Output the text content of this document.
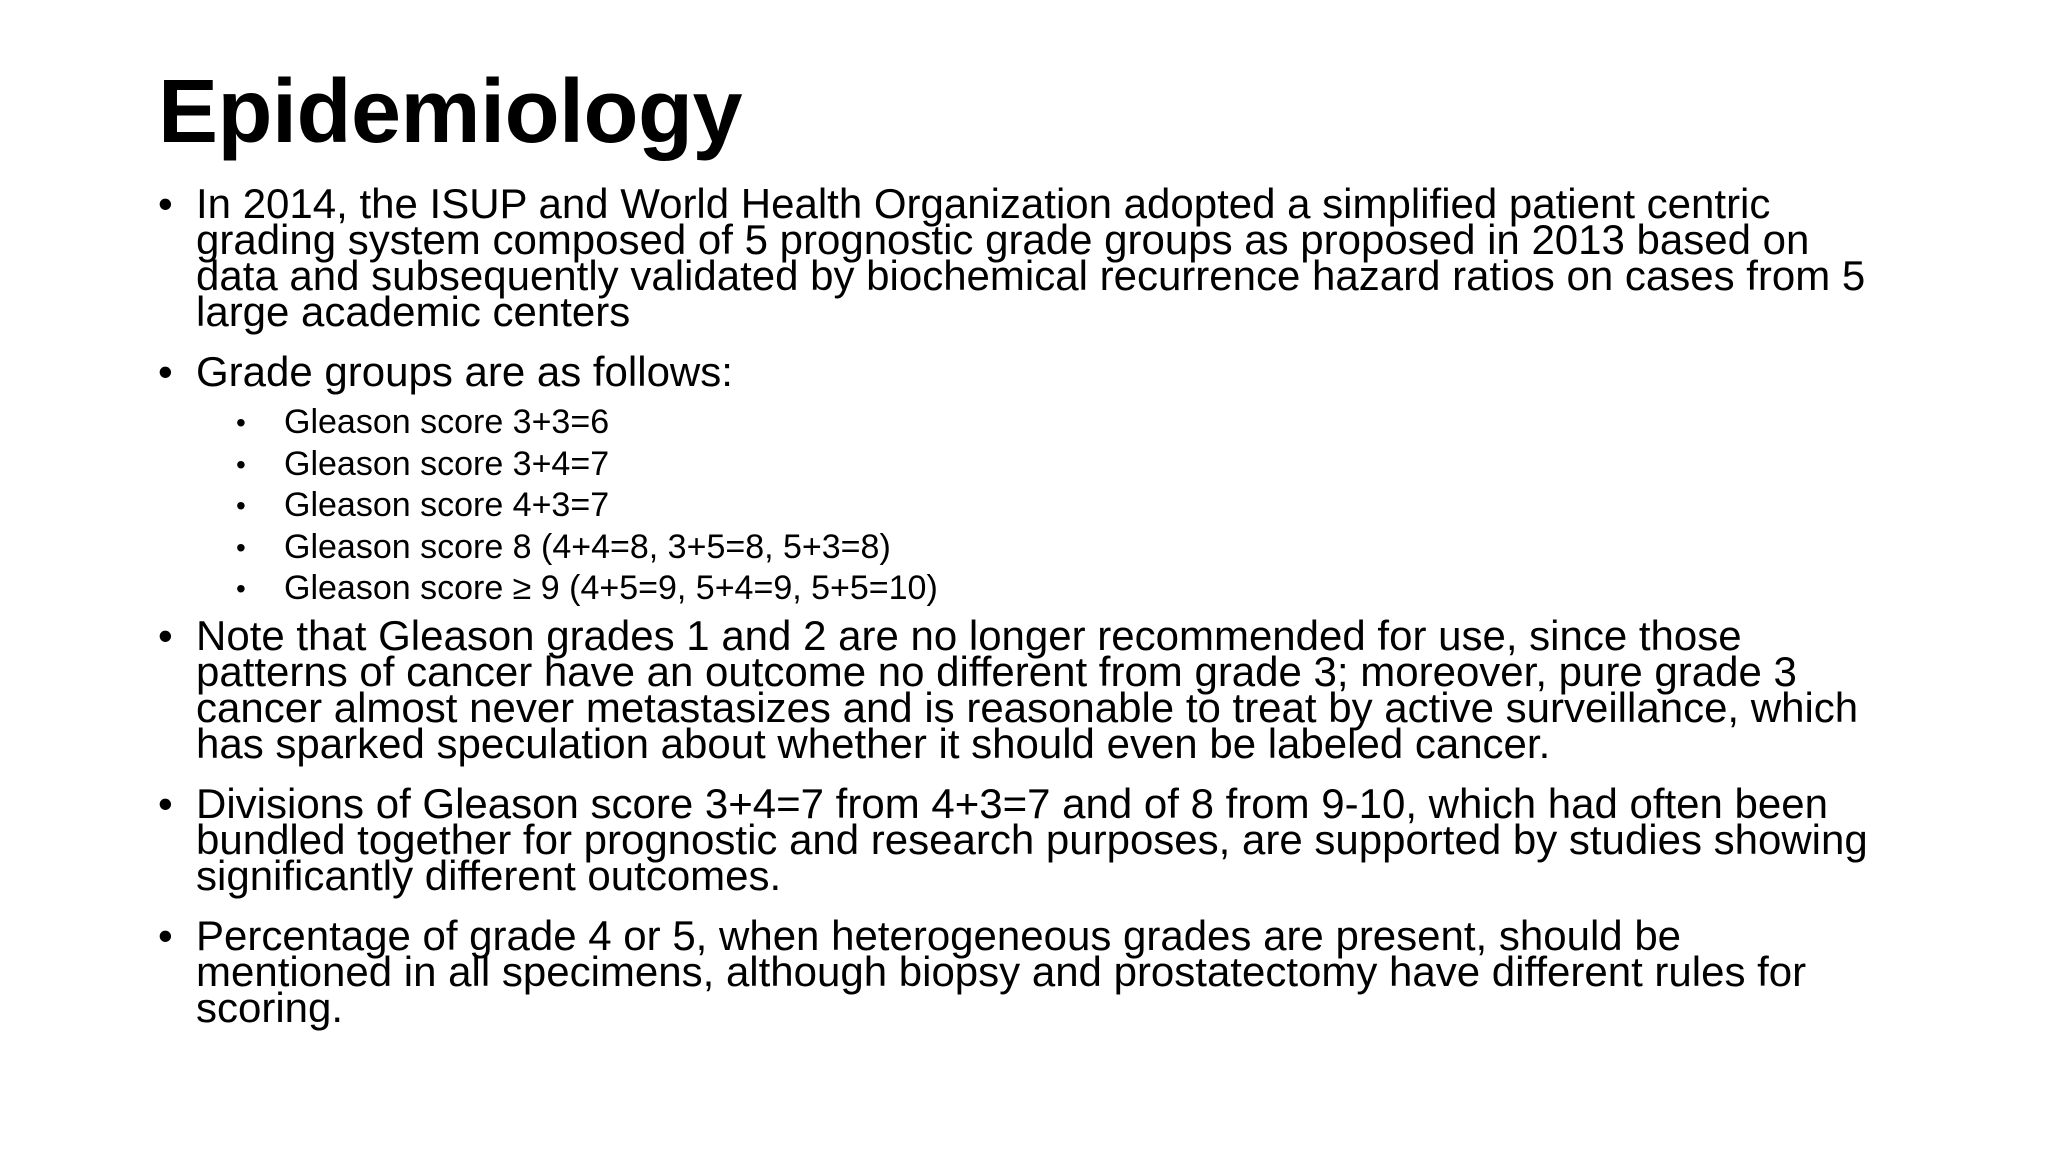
Epidemiology
• In 2014, the ISUP and World Health Organization adopted a simplified patient centric
grading system composed of 5 prognostic grade groups as proposed in 2013 based on
data and subsequently validated by biochemical recurrence hazard ratios on cases from 5
large academic centers
• Grade groups are as follows:
• Gleason score 3+3=6
• Gleason score 3+4=7
• Gleason score 4+3=7
• Gleason score 8 (4+4=8, 3+5=8, 5+3=8)
• Gleason score ≥ 9 (4+5=9, 5+4=9, 5+5=10)
• Note that Gleason grades 1 and 2 are no longer recommended for use, since those
patterns of cancer have an outcome no different from grade 3; moreover, pure grade 3
cancer almost never metastasizes and is reasonable to treat by active surveillance, which
has sparked speculation about whether it should even be labeled cancer.
• Divisions of Gleason score 3+4=7 from 4+3=7 and of 8 from 9-10, which had often been
bundled together for prognostic and research purposes, are supported by studies showing
significantly different outcomes.
• Percentage of grade 4 or 5, when heterogeneous grades are present, should be
mentioned in all specimens, although biopsy and prostatectomy have different rules for
scoring.
